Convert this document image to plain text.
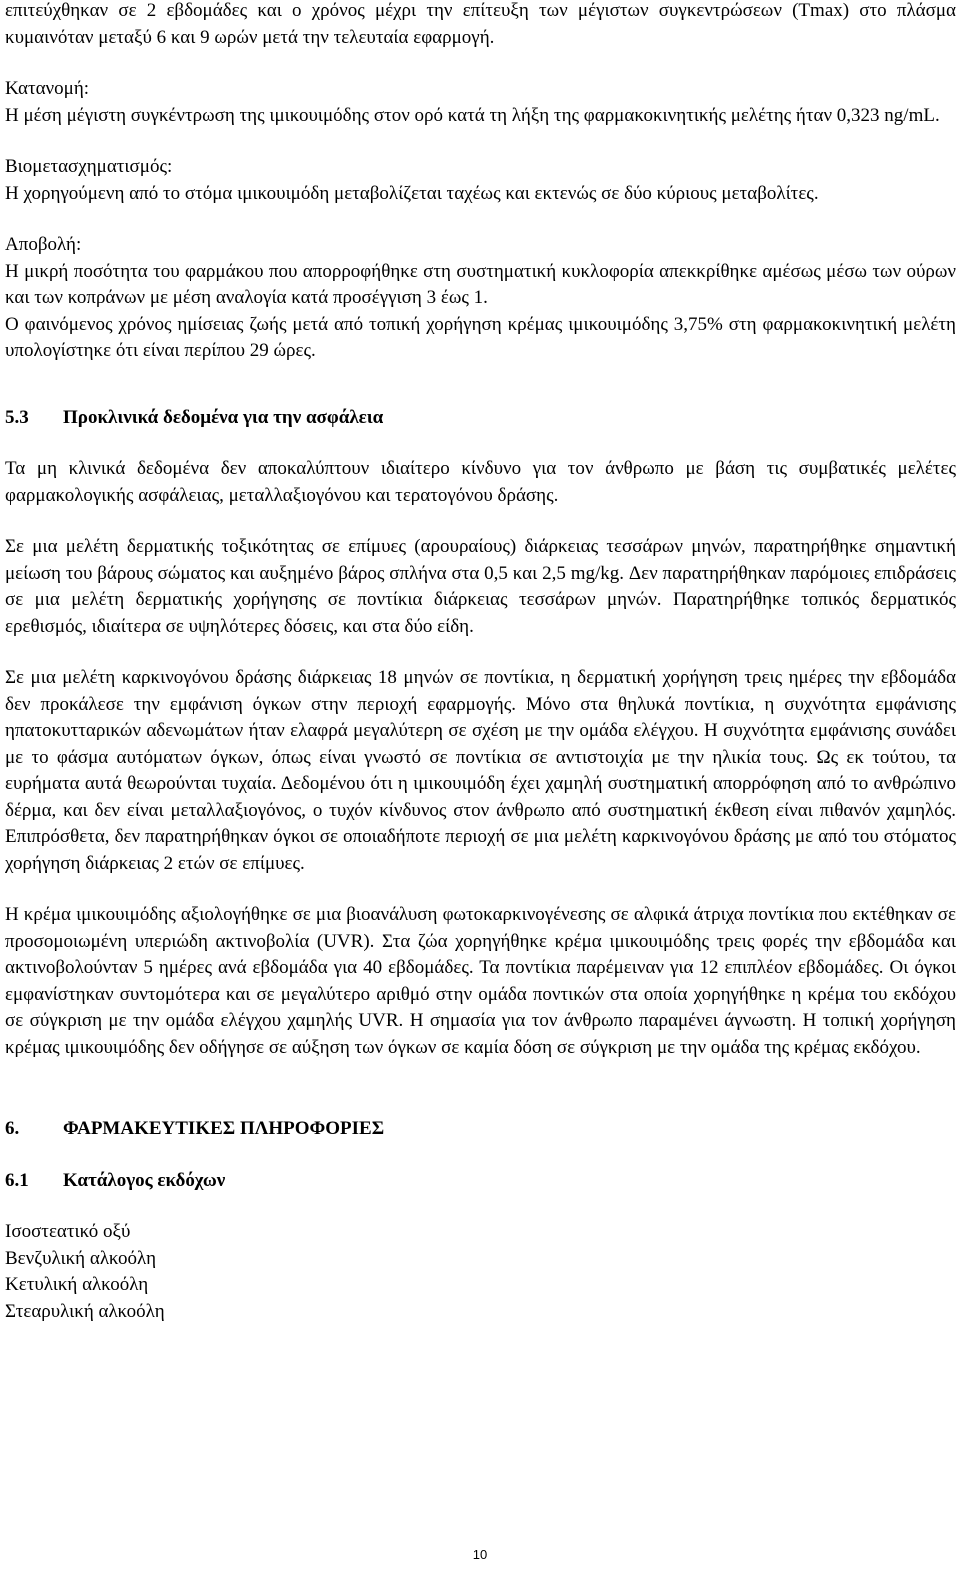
επιτεύχθηκαν σε 2 εβδομάδες και ο χρόνος μέχρι την επίτευξη των μέγιστων συγκεντρώσεων (Tmax) στο πλάσμα κυμαινόταν μεταξύ 6 και 9 ωρών μετά την τελευταία εφαρμογή.

Κατανομή:
Η μέση μέγιστη συγκέντρωση της ιμικουιμόδης στον ορό κατά τη λήξη της φαρμακοκινητικής μελέτης ήταν 0,323 ng/mL.

Βιομετασχηματισμός:
Η χορηγούμενη από το στόμα ιμικουιμόδη μεταβολίζεται ταχέως και εκτενώς σε δύο κύριους μεταβολίτες.

Αποβολή:
Η μικρή ποσότητα του φαρμάκου που απορροφήθηκε στη συστηματική κυκλοφορία απεκκρίθηκε αμέσως μέσω των ούρων και των κοπράνων με μέση αναλογία κατά προσέγγιση 3 έως 1.
Ο φαινόμενος χρόνος ημίσειας ζωής μετά από τοπική χορήγηση κρέμας ιμικουιμόδης 3,75% στη φαρμακοκινητική μελέτη υπολογίστηκε ότι είναι περίπου 29 ώρες.

5.3	Προκλινικά δεδομένα για την ασφάλεια

Τα μη κλινικά δεδομένα δεν αποκαλύπτουν ιδιαίτερο κίνδυνο για τον άνθρωπο με βάση τις συμβατικές μελέτες φαρμακολογικής ασφάλειας, μεταλλαξιογόνου και τερατογόνου δράσης.

Σε μια μελέτη δερματικής τοξικότητας σε επίμυες (αρουραίους) διάρκειας τεσσάρων μηνών, παρατηρήθηκε σημαντική μείωση του βάρους σώματος και αυξημένο βάρος σπλήνα στα 0,5 και 2,5 mg/kg. Δεν παρατηρήθηκαν παρόμοιες επιδράσεις σε μια μελέτη δερματικής χορήγησης σε ποντίκια διάρκειας τεσσάρων μηνών. Παρατηρήθηκε τοπικός δερματικός ερεθισμός, ιδιαίτερα σε υψηλότερες δόσεις, και στα δύο είδη.

Σε μια μελέτη καρκινογόνου δράσης διάρκειας 18 μηνών σε ποντίκια, η δερματική χορήγηση τρεις ημέρες την εβδομάδα δεν προκάλεσε την εμφάνιση όγκων στην περιοχή εφαρμογής. Μόνο στα θηλυκά ποντίκια, η συχνότητα εμφάνισης ηπατοκυτταρικών αδενωμάτων ήταν ελαφρά μεγαλύτερη σε σχέση με την ομάδα ελέγχου. Η συχνότητα εμφάνισης συνάδει με το φάσμα αυτόματων όγκων, όπως είναι γνωστό σε ποντίκια σε αντιστοιχία με την ηλικία τους. Ως εκ τούτου, τα ευρήματα αυτά θεωρούνται τυχαία. Δεδομένου ότι η ιμικουιμόδη έχει χαμηλή συστηματική απορρόφηση από το ανθρώπινο δέρμα, και δεν είναι μεταλλαξιογόνος, ο τυχόν κίνδυνος στον άνθρωπο από συστηματική έκθεση είναι πιθανόν χαμηλός. Επιπρόσθετα, δεν παρατηρήθηκαν όγκοι σε οποιαδήποτε περιοχή σε μια μελέτη καρκινογόνου δράσης με από του στόματος χορήγηση διάρκειας 2 ετών σε επίμυες.

Η κρέμα ιμικουιμόδης αξιολογήθηκε σε μια βιοανάλυση φωτοκαρκινογένεσης σε αλφικά άτριχα ποντίκια που εκτέθηκαν σε προσομοιωμένη υπεριώδη ακτινοβολία (UVR). Στα ζώα χορηγήθηκε κρέμα ιμικουιμόδης τρεις φορές την εβδομάδα και ακτινοβολούνταν 5 ημέρες ανά εβδομάδα για 40 εβδομάδες. Τα ποντίκια παρέμειναν για 12 επιπλέον εβδομάδες. Οι όγκοι εμφανίστηκαν συντομότερα και σε μεγαλύτερο αριθμό στην ομάδα ποντικών στα οποία χορηγήθηκε η κρέμα του εκδόχου σε σύγκριση με την ομάδα ελέγχου χαμηλής UVR. Η σημασία για τον άνθρωπο παραμένει άγνωστη. Η τοπική χορήγηση κρέμας ιμικουιμόδης δεν οδήγησε σε αύξηση των όγκων σε καμία δόση σε σύγκριση με την ομάδα της κρέμας εκδόχου.

6.	ΦΑΡΜΑΚΕΥΤΙΚΕΣ ΠΛΗΡΟΦΟΡΙΕΣ
6.1	Κατάλογος εκδόχων
Ισοστεατικό οξύ
Βενζυλική αλκοόλη
Κετυλική αλκοόλη
Στεαρυλική αλκοόλη
10
